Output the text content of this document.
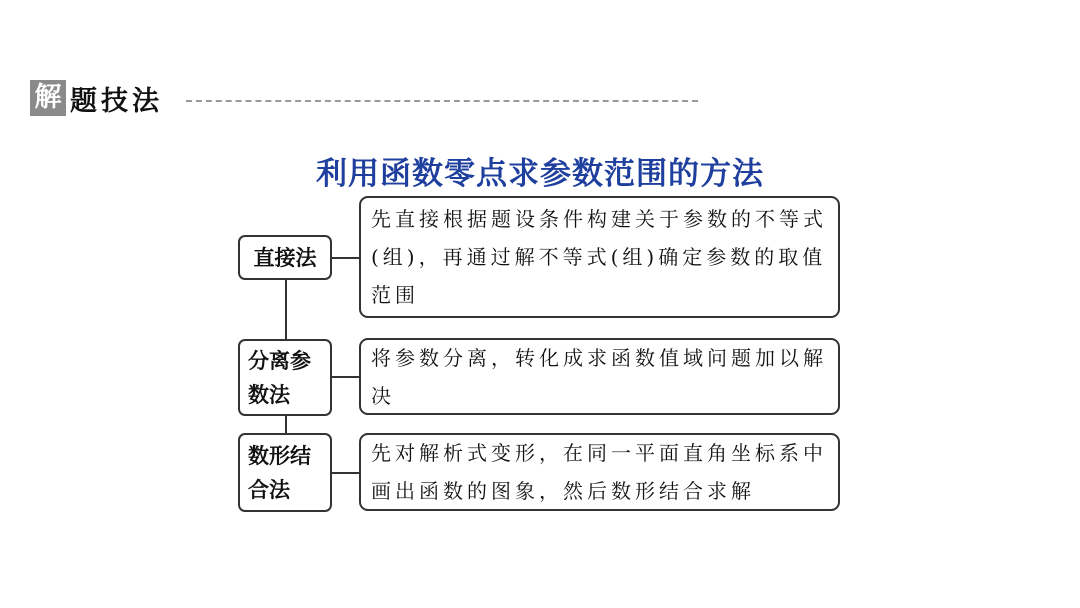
解 题技法
利用函数零点求参数范围的方法
直接法
先直接根据题设条件构建关于参数的不等式(组)，再通过解不等式(组)确定参数的取值范围
分离参数法
将参数分离，转化成求函数值域问题加以解决
数形结合法
先对解析式变形，在同一平面直角坐标系中画出函数的图象，然后数形结合求解
